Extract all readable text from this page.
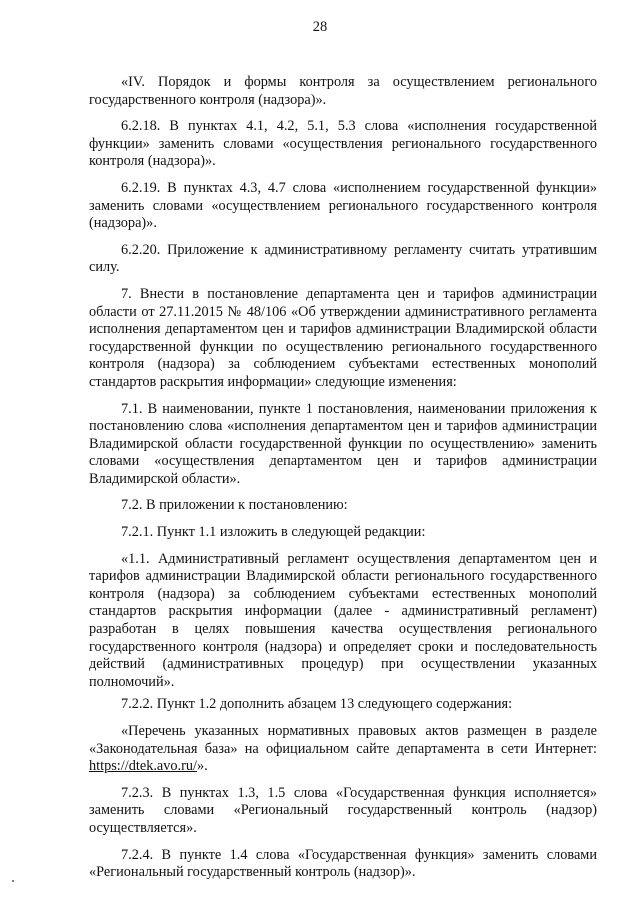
28

«IV. Порядок и формы контроля за осуществлением регионального государственного контроля (надзора)».

6.2.18. В пунктах 4.1, 4.2, 5.1, 5.3 слова «исполнения государственной функции» заменить словами «осуществления регионального государственного контроля (надзора)».

6.2.19. В пунктах 4.3, 4.7 слова «исполнением государственной функции» заменить словами «осуществлением регионального государственного контроля (надзора)».

6.2.20. Приложение к административному регламенту считать утратившим силу.

7. Внести в постановление департамента цен и тарифов администрации области от 27.11.2015 № 48/106 «Об утверждении административного регламента исполнения департаментом цен и тарифов администрации Владимирской области государственной функции по осуществлению регионального государственного контроля (надзора) за соблюдением субъектами естественных монополий стандартов раскрытия информации» следующие изменения:

7.1. В наименовании, пункте 1 постановления, наименовании приложения к постановлению слова «исполнения департаментом цен и тарифов администрации Владимирской области государственной функции по осуществлению» заменить словами «осуществления департаментом цен и тарифов администрации Владимирской области».

7.2. В приложении к постановлению:

7.2.1. Пункт 1.1 изложить в следующей редакции:

«1.1. Административный регламент осуществления департаментом цен и тарифов администрации Владимирской области регионального государственного контроля (надзора) за соблюдением субъектами естественных монополий стандартов раскрытия информации (далее - административный регламент) разработан в целях повышения качества осуществления регионального государственного контроля (надзора) и определяет сроки и последовательность действий (административных процедур) при осуществлении указанных полномочий».

7.2.2. Пункт 1.2 дополнить абзацем 13 следующего содержания:

«Перечень указанных нормативных правовых актов размещен в разделе «Законодательная база» на официальном сайте департамента в сети Интернет: https://dtek.avo.ru/».

7.2.3. В пунктах 1.3, 1.5 слова «Государственная функция исполняется» заменить словами «Региональный государственный контроль (надзор) осуществляется».

7.2.4. В пункте 1.4 слова «Государственная функция» заменить словами «Региональный государственный контроль (надзор)».
